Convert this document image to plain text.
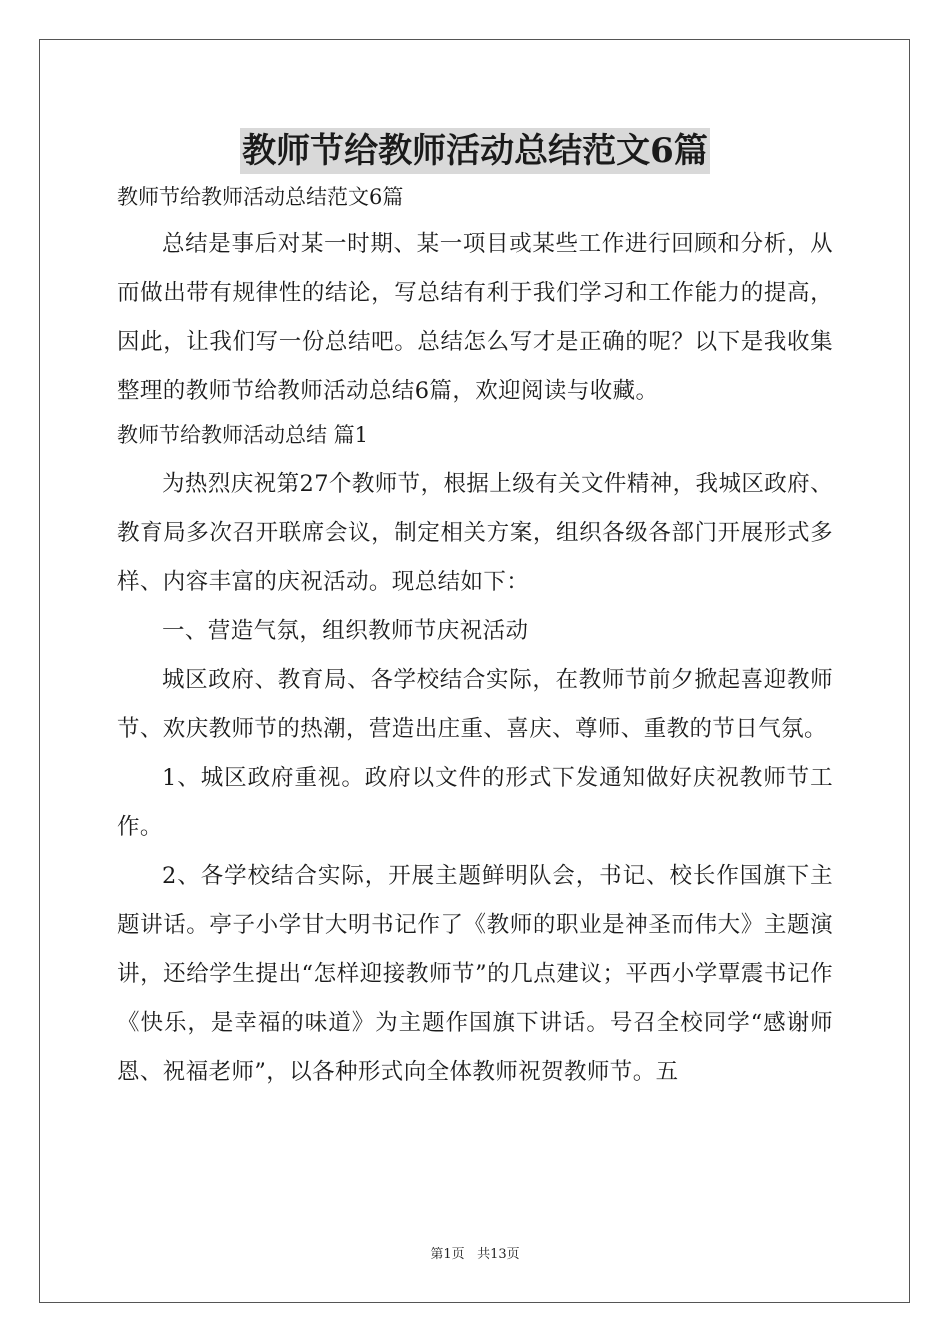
教师节给教师活动总结范文6篇

教师节给教师活动总结范文6篇

总结是事后对某一时期、某一项目或某些工作进行回顾和分析，从而做出带有规律性的结论，写总结有利于我们学习和工作能力的提高，因此，让我们写一份总结吧。总结怎么写才是正确的呢？以下是我收集整理的教师节给教师活动总结6篇，欢迎阅读与收藏。

教师节给教师活动总结 篇1

为热烈庆祝第27个教师节，根据上级有关文件精神，我城区政府、教育局多次召开联席会议，制定相关方案，组织各级各部门开展形式多样、内容丰富的庆祝活动。现总结如下：

一、营造气氛，组织教师节庆祝活动

城区政府、教育局、各学校结合实际，在教师节前夕掀起喜迎教师节、欢庆教师节的热潮，营造出庄重、喜庆、尊师、重教的节日气氛。

1、城区政府重视。政府以文件的形式下发通知做好庆祝教师节工作。

2、各学校结合实际，开展主题鲜明队会，书记、校长作国旗下主题讲话。亭子小学甘大明书记作了《教师的职业是神圣而伟大》主题演讲，还给学生提出“怎样迎接教师节”的几点建议；平西小学覃震书记作《快乐，是幸福的味道》为主题作国旗下讲话。号召全校同学“感谢师恩、祝福老师”，以各种形式向全体教师祝贺教师节。五

第1页 共13页
